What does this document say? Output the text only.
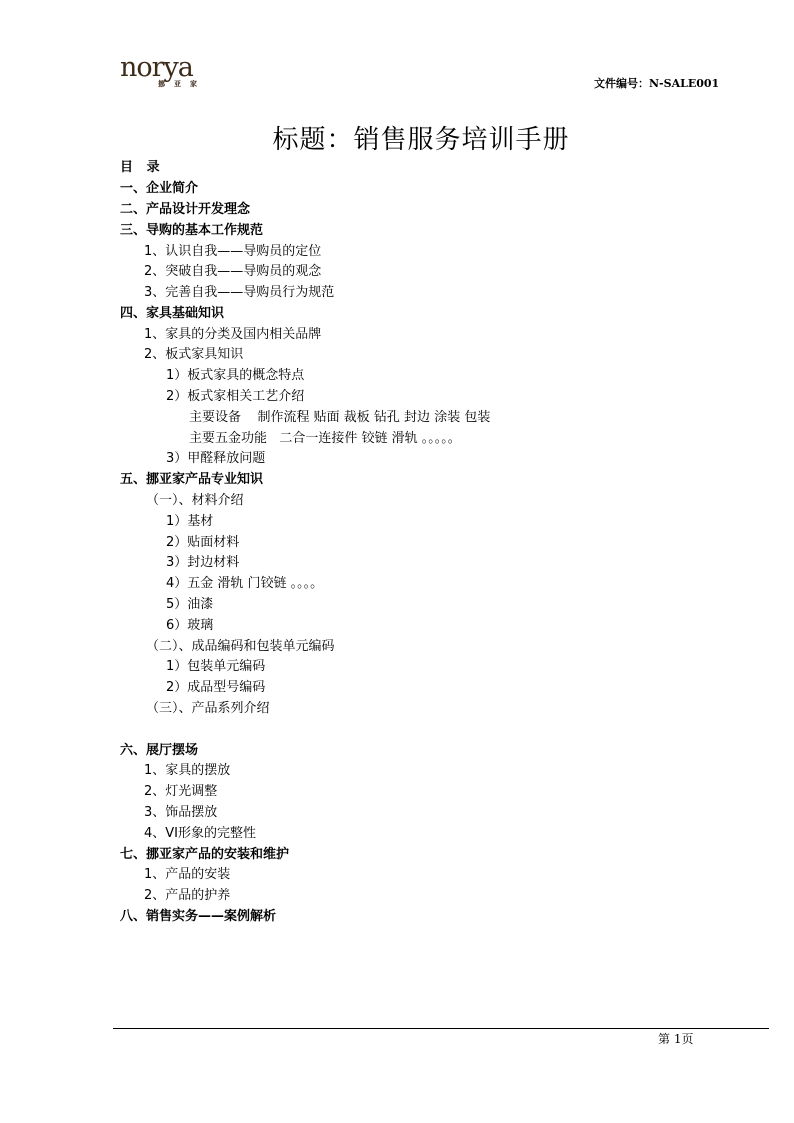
norya
挪亚家	文件编号：N-SALE001
标题：销售服务培训手册
目   录
一、企业简介
二、产品设计开发理念
三、导购的基本工作规范
1、认识自我——导购员的定位
2、突破自我——导购员的观念
3、完善自我——导购员行为规范
四、家具基础知识
1、家具的分类及国内相关品牌
2、板式家具知识
1）板式家具的概念特点
2）板式家相关工艺介绍
主要设备    制作流程 贴面 裁板 钻孔 封边 涂装 包装
主要五金功能   二合一连接件 铰链 滑轨 。。。。。
3）甲醛释放问题
五、挪亚家产品专业知识
（一）、材料介绍
1）基材
2）贴面材料
3）封边材料
4）五金 滑轨 门铰链 。。。。
5）油漆
6）玻璃
（二）、成品编码和包装单元编码
1）包装单元编码
2）成品型号编码
（三）、产品系列介绍
六、展厅摆场
1、家具的摆放
2、灯光调整
3、饰品摆放
4、VI形象的完整性
七、挪亚家产品的安装和维护
1、产品的安装
2、产品的护养
八、销售实务——案例解析
第 1页
